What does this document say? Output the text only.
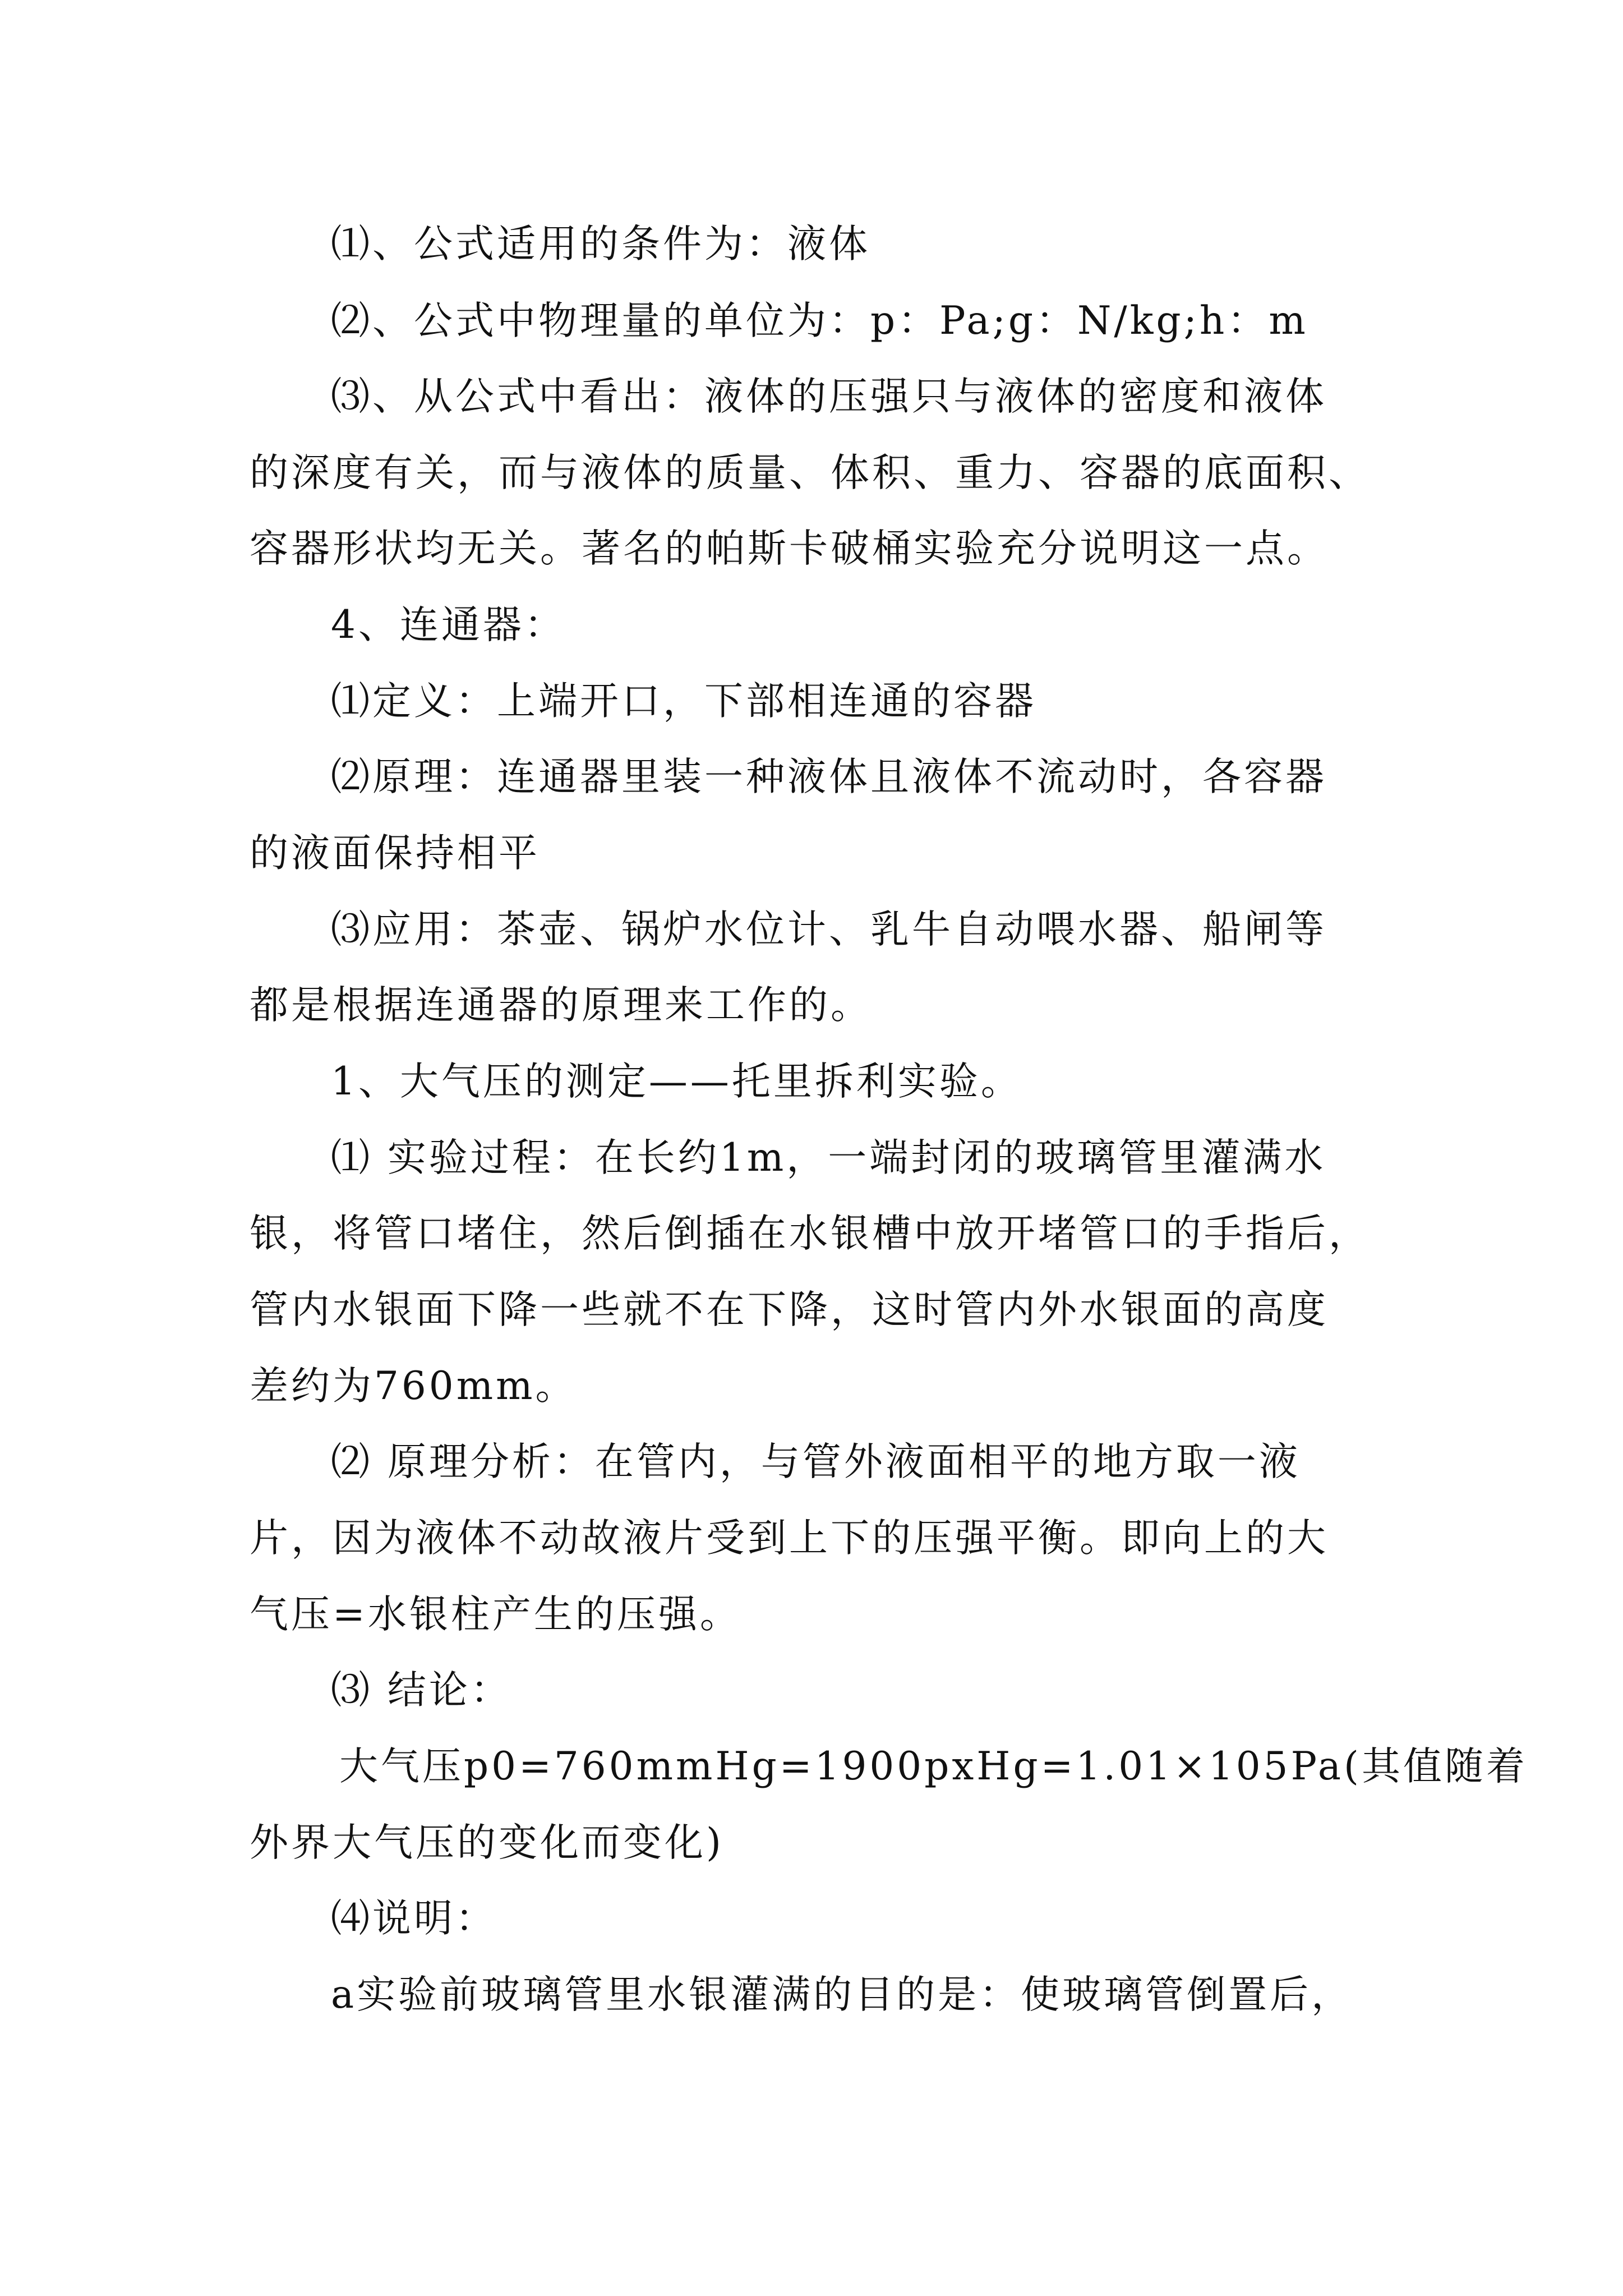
⑴、公式适用的条件为：液体
⑵、公式中物理量的单位为：p：Pa;g：N/kg;h：m
⑶、从公式中看出：液体的压强只与液体的密度和液体
的深度有关，而与液体的质量、体积、重力、容器的底面积、
容器形状均无关。著名的帕斯卡破桶实验充分说明这一点。
4、连通器：
⑴定义：上端开口，下部相连通的容器
⑵原理：连通器里装一种液体且液体不流动时，各容器
的液面保持相平
⑶应用：茶壶、锅炉水位计、乳牛自动喂水器、船闸等
都是根据连通器的原理来工作的。
1、大气压的测定——托里拆利实验。
⑴ 实验过程：在长约1m，一端封闭的玻璃管里灌满水
银，将管口堵住，然后倒插在水银槽中放开堵管口的手指后，
管内水银面下降一些就不在下降，这时管内外水银面的高度
差约为760mm。
⑵ 原理分析：在管内，与管外液面相平的地方取一液
片，因为液体不动故液片受到上下的压强平衡。即向上的大
气压=水银柱产生的压强。
⑶ 结论：
大气压p0=760mmHg=1900pxHg=1.01×105Pa(其值随着
外界大气压的变化而变化)
⑷说明：
a实验前玻璃管里水银灌满的目的是：使玻璃管倒置后，
